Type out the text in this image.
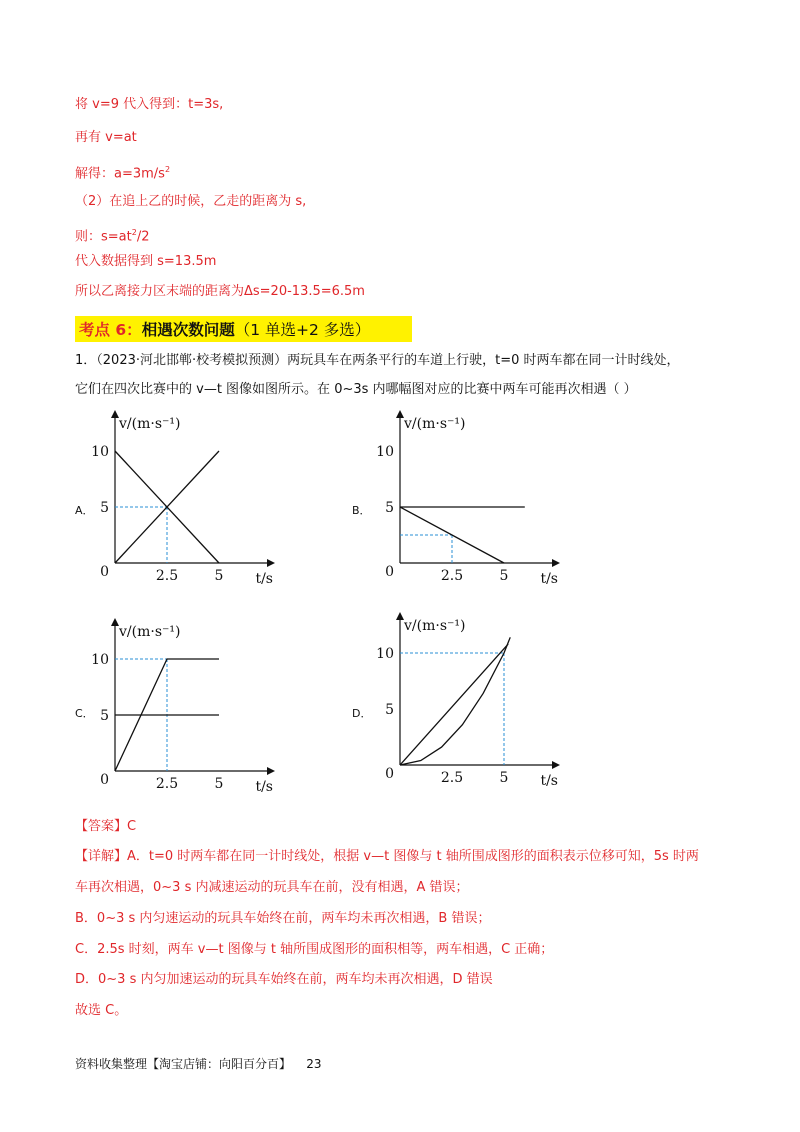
将 v=9 代入得到：t=3s,
再有 v=at
解得：$a=3m/s^2$
（2）在追上乙的时候，乙走的距离为 s,
则：$s=at^2/2$
代入数据得到 s=13.5m
所以乙离接力区末端的距离为Δs=20-13.5=6.5m
考点 6：相遇次数问题（1 单选+2 多选）
1．（2023·河北邯郸·校考模拟预测）两玩具车在两条平行的车道上行驶，t=0 时两车都在同一计时线处，
它们在四次比赛中的 v—t 图像如图所示。在 0~3s 内哪幅图对应的比赛中两车可能再次相遇（ ）
A．	B．
C．	D．
0	2.5	5
5
10
t/s
v/(m·s⁻¹)
0	2.5	5
5
10
t/s
v/(m·s⁻¹)
0	2.5	5
5
10
t/s
v/(m·s⁻¹)
0	2.5	5
5
10
t/s
v/(m·s⁻¹)
【答案】C
【详解】A．t=0 时两车都在同一计时线处，根据 v—t 图像与 t 轴所围成图形的面积表示位移可知，5s 时两
车再次相遇，0~3 s 内减速运动的玩具车在前，没有相遇，A 错误；
B．0~3 s 内匀速运动的玩具车始终在前，两车均未再次相遇，B 错误；
C．2.5s 时刻，两车 v—t 图像与 t 轴所围成图形的面积相等，两车相遇，C 正确；
D．0~3 s 内匀加速运动的玩具车始终在前，两车均未再次相遇，D 错误
故选 C。
资料收集整理【淘宝店铺：向阳百分百】 23
